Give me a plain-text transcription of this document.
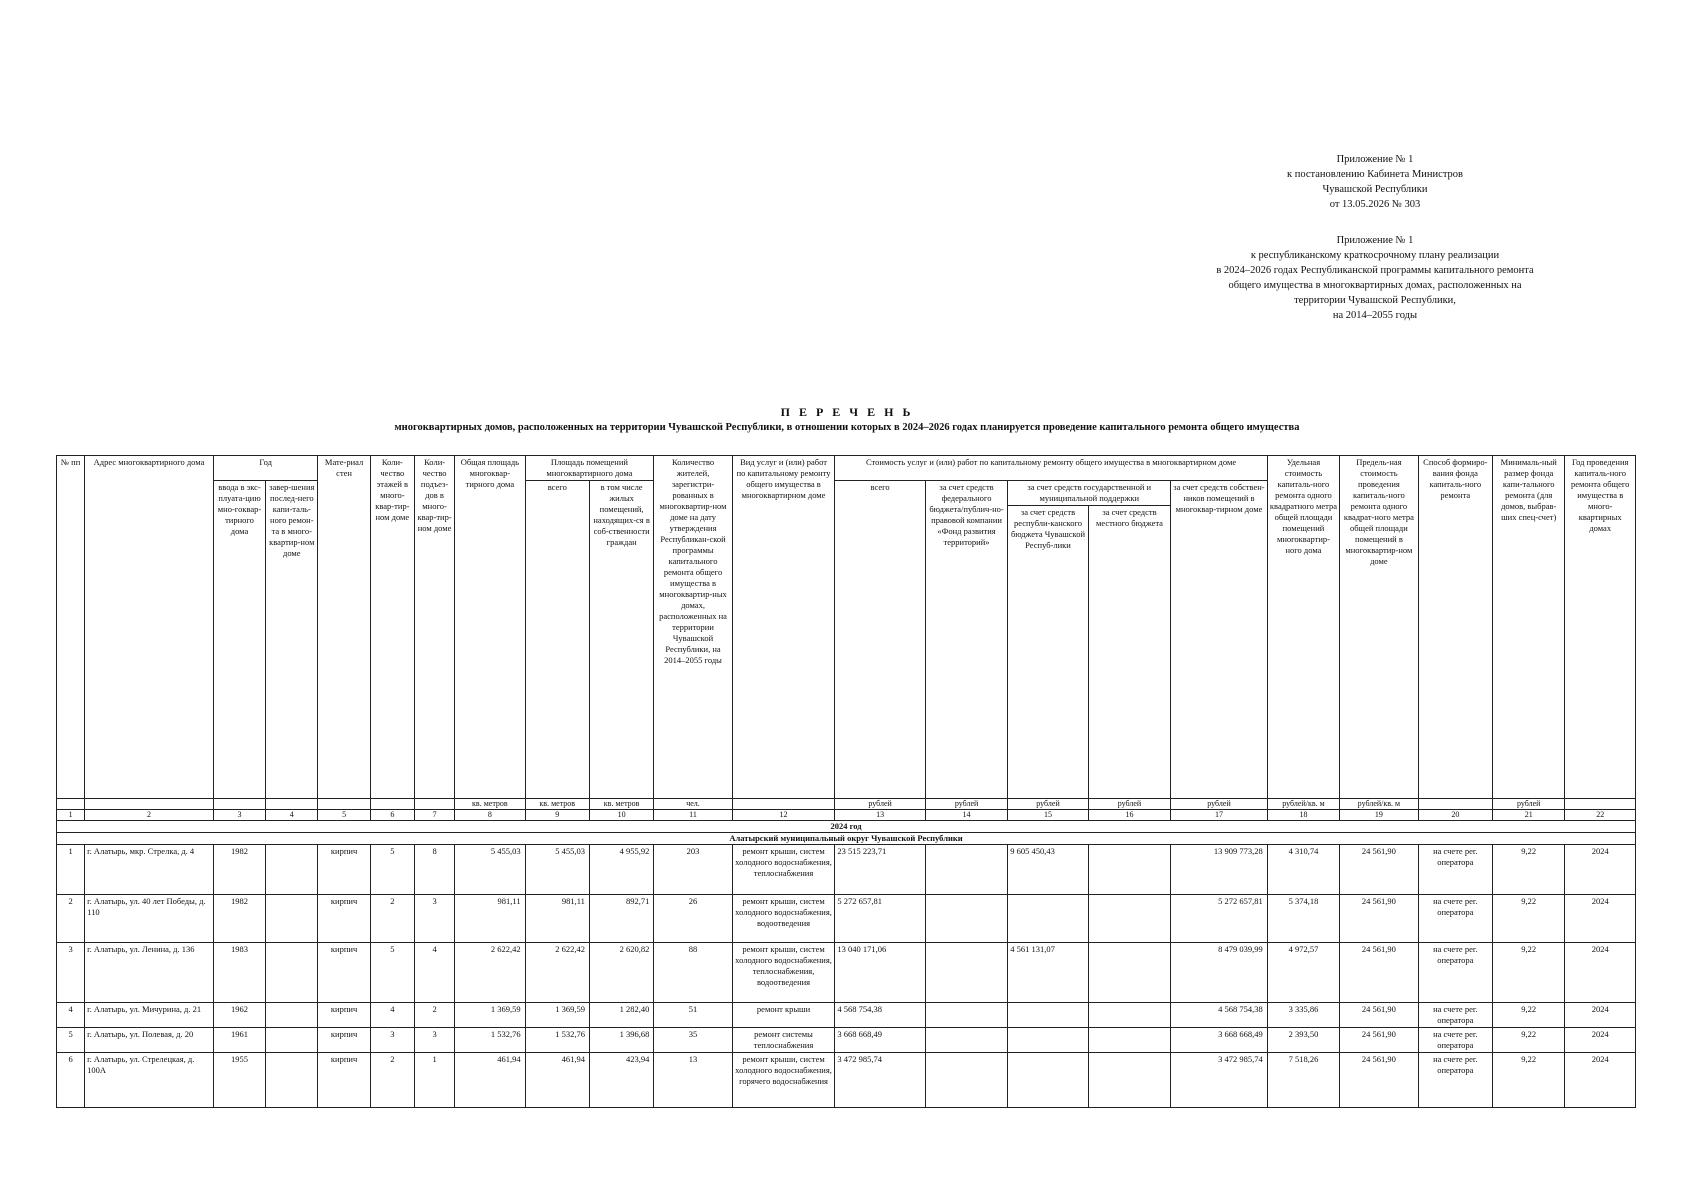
Приложение № 1
к постановлению Кабинета Министров
Чувашской Республики
от 13.05.2026 № 303
Приложение № 1
к республиканскому краткосрочному плану реализации
в 2024–2026 годах Республиканской программы капитального ремонта
общего имущества в многоквартирных домах, расположенных на
территории Чувашской Республики,
на 2014–2055 годы
П Е Р Е Ч Е Н Ь
многоквартирных домов, расположенных на территории Чувашской Республики, в отношении которых в 2024–2026 годах планируется проведение капитального ремонта общего имущества
№ пп	Адрес многоквартирного дома	Год		Мате-риал стен	Коли-чество этажей в много-квар-тир-ном доме	Коли-чество подъез-дов в много-квар-тир-ном доме	Общая площадь многоквар-тирного дома	Площадь помещений многоквартирного дома		Количество жителей, зарегистри-рованных в многоквартир-ном доме на дату утверждения Республикан-ской программы капитального ремонта общего имущества в многоквартир-ных домах, расположенных на территории Чувашской Республики, на 2014–2055 годы	Вид услуг и (или) работ по капитальному ремонту общего имущества в многоквартирном доме	Стоимость услуг и (или) работ по капитальному ремонту общего имущества в многоквартирном доме					Удельная стоимость капиталь-ного ремонта одного квадратного метра общей площади помещений многоквартир-ного дома	Предель-ная стоимость проведения капиталь-ного ремонта одного квадрат-ного метра общей площади помещений в многоквартир-ном доме	Способ формиро-вания фонда капиталь-ного ремонта	Минималь-ный размер фонда капи-тального ремонта (для домов, выбрав-ших спец-счет)	Год проведения капиталь-ного ремонта общего имущества в много-квартирных домах
		ввода в экс-плуата-цию мно-гоквар-тирного дома	завер-шения послед-него капи-таль-ного ремон-та в много-квартир-ном доме					всего	в том числе жилых помещений, находящих-ся в соб-ственности граждан			всего	за счет средств федерального бюджета/публич-но-правовой компании «Фонд развития территорий»	за счет средств государственной и муниципальной поддержки		за счет средств собствен-ников помещений в многоквар-тирном доме					
														за счет средств республи-канского бюджета Чувашской Респуб-лики	за счет средств местного бюджета						
							кв. метров	кв. метров	кв. метров	чел.		рублей	рублей	рублей	рублей	рублей	рублей/кв. м	рублей/кв. м		рублей	
1	2	3	4	5	6	7	8	9	10	11	12	13	14	15	16	17	18	19	20	21	22
2024 год																					
Алатырский муниципальный округ Чувашской Республики																					
1	г. Алатырь, мкр. Стрелка, д. 4	1982		кирпич	5	8	5 455,03	5 455,03	4 955,92	203	ремонт крыши, систем холодного водоснабжения, теплоснабжения	23 515 223,71		9 605 450,43		13 909 773,28	4 310,74	24 561,90	на счете рег. оператора	9,22	2024
2	г. Алатырь, ул. 40 лет Победы, д. 110	1982		кирпич	2	3	981,11	981,11	892,71	26	ремонт крыши, систем холодного водоснабжения, водоотведения	5 272 657,81				5 272 657,81	5 374,18	24 561,90	на счете рег. оператора	9,22	2024
3	г. Алатырь, ул. Ленина, д. 136	1983		кирпич	5	4	2 622,42	2 622,42	2 620,82	88	ремонт крыши, систем холодного водоснабжения, теплоснабжения, водоотведения	13 040 171,06		4 561 131,07		8 479 039,99	4 972,57	24 561,90	на счете рег. оператора	9,22	2024
4	г. Алатырь, ул. Мичурина, д. 21	1962		кирпич	4	2	1 369,59	1 369,59	1 282,40	51	ремонт крыши	4 568 754,38				4 568 754,38	3 335,86	24 561,90	на счете рег. оператора	9,22	2024
5	г. Алатырь, ул. Полевая, д. 20	1961		кирпич	3	3	1 532,76	1 532,76	1 396,68	35	ремонт системы теплоснабжения	3 668 668,49				3 668 668,49	2 393,50	24 561,90	на счете рег. оператора	9,22	2024
6	г. Алатырь, ул. Стрелецкая, д. 100А	1955		кирпич	2	1	461,94	461,94	423,94	13	ремонт крыши, систем холодного водоснабжения, горячего водоснабжения	3 472 985,74				3 472 985,74	7 518,26	24 561,90	на счете рег. оператора	9,22	2024
